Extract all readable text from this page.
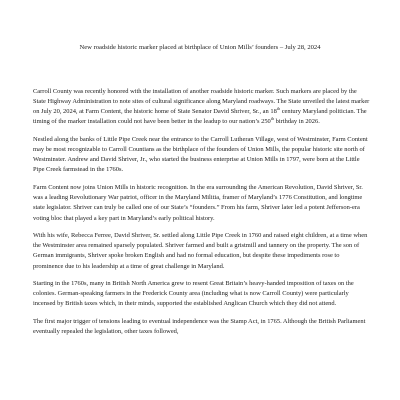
New roadside historic marker placed at birthplace of Union Mills’ founders – July 28, 2024

Carroll County was recently honored with the installation of another roadside historic marker. Such markers are placed by the State Highway Administration to note sites of cultural significance along Maryland roadways. The State unveiled the latest marker on July 20, 2024, at Farm Content, the historic home of State Senator David Shriver, Sr., an 18th century Maryland politician. The timing of the marker installation could not have been better in the leadup to our nation’s 250th birthday in 2026.

Nestled along the banks of Little Pipe Creek near the entrance to the Carroll Lutheran Village, west of Westminster, Farm Content may be most recognizable to Carroll Countians as the birthplace of the founders of Union Mills, the popular historic site north of Westminster. Andrew and David Shriver, Jr., who started the business enterprise at Union Mills in 1797, were born at the Little Pipe Creek farmstead in the 1760s.

Farm Content now joins Union Mills in historic recognition. In the era surrounding the American Revolution, David Shriver, Sr. was a leading Revolutionary War patriot, officer in the Maryland Militia, framer of Maryland’s 1776 Constitution, and longtime state legislator. Shriver can truly be called one of our State’s “founders.” From his farm, Shriver later led a potent Jefferson-era voting bloc that played a key part in Maryland’s early political history.

With his wife, Rebecca Ferree, David Shriver, Sr. settled along Little Pipe Creek in 1760 and raised eight children, at a time when the Westminster area remained sparsely populated. Shriver farmed and built a gristmill and tannery on the property. The son of German immigrants, Shriver spoke broken English and had no formal education, but despite these impediments rose to prominence due to his leadership at a time of great challenge in Maryland.

Starting in the 1760s, many in British North America grew to resent Great Britain’s heavy-handed imposition of taxes on the colonies. German-speaking farmers in the Frederick County area (including what is now Carroll County) were particularly incensed by British taxes which, in their minds, supported the established Anglican Church which they did not attend.

The first major trigger of tensions leading to eventual independence was the Stamp Act, in 1765. Although the British Parliament eventually repealed the legislation, other taxes followed,
